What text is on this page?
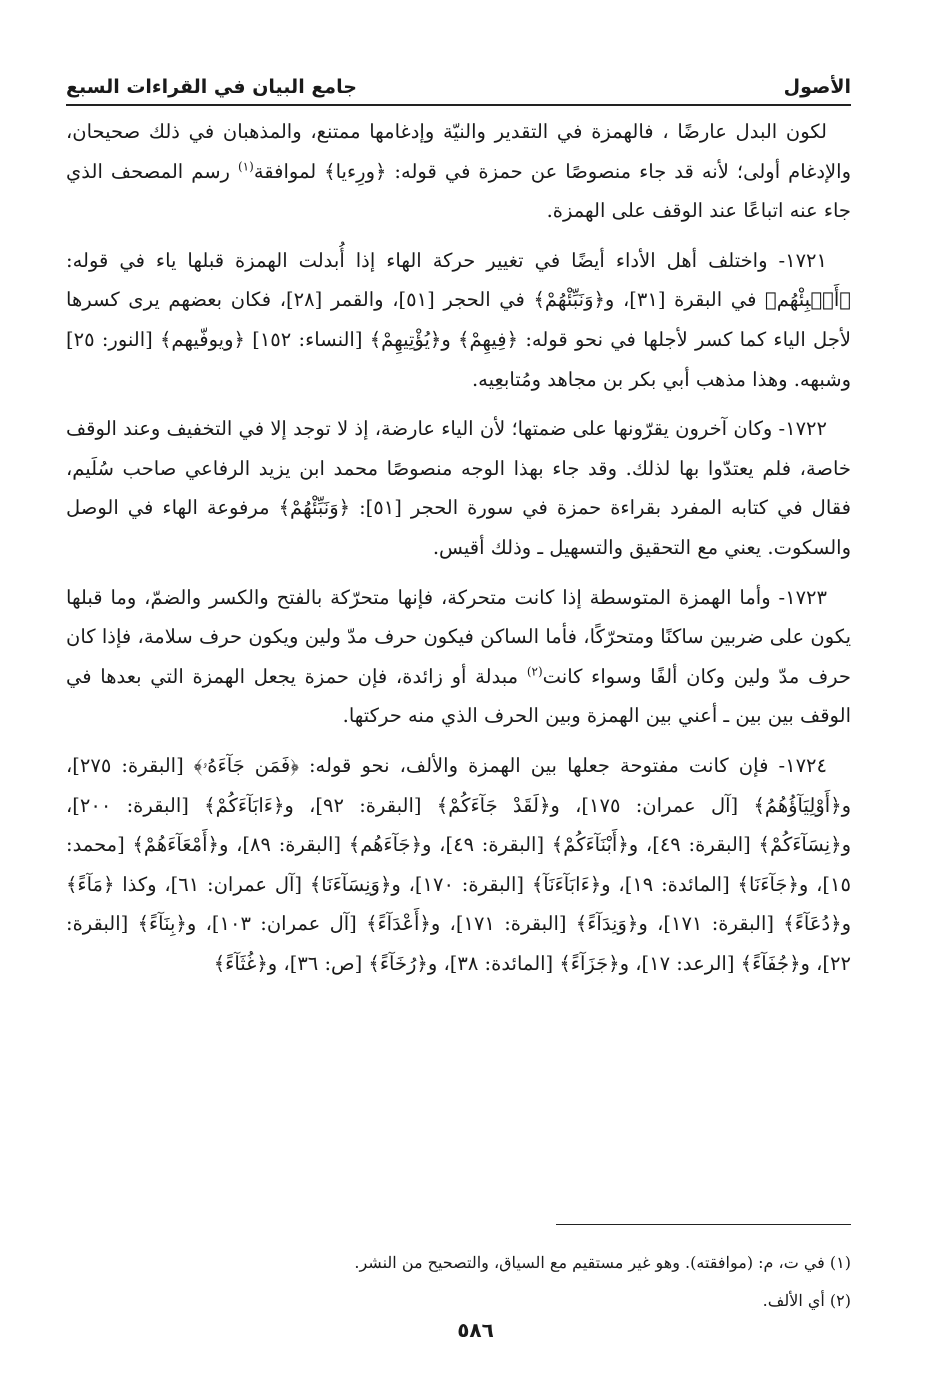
الأصول
جامع البيان في القراءات السبع

لكون البدل عارضًا ، فالهمزة في التقدير والنيّة وإدغامها ممتنع، والمذهبان في ذلك صحيحان، والإدغام أولى؛ لأنه قد جاء منصوصًا عن حمزة في قوله: ﴿ورِءيا﴾ لموافقة$^{(١)}$ رسم المصحف الذي جاء عنه اتباعًا عند الوقف على الهمزة.

١٧٢١- واختلف أهل الأداء أيضًا في تغيير حركة الهاء إذا أُبدلت الهمزة قبلها ياء في قوله: ﴿أَنۢبِئْهُم﴾ في البقرة [٣١]، و﴿وَنَبِّئْهُمْ﴾ في الحجر [٥١]، والقمر [٢٨]، فكان بعضهم يرى كسرها لأجل الياء كما كسر لأجلها في نحو قوله: ﴿فِيهِمْ﴾ و﴿يُؤْتِيهِمْ﴾ [النساء: ١٥٢] ﴿ويوفّيهم﴾ [النور: ٢٥] وشبهه. وهذا مذهب أبي بكر بن مجاهد ومُتابعِيه.

١٧٢٢- وكان آخرون يقرّونها على ضمتها؛ لأن الياء عارضة، إذ لا توجد إلا في التخفيف وعند الوقف خاصة، فلم يعتدّوا بها لذلك. وقد جاء بهذا الوجه منصوصًا محمد ابن يزيد الرفاعي صاحب سُلَيم، فقال في كتابه المفرد بقراءة حمزة في سورة الحجر [٥١]: ﴿وَنَبِّئْهُمْ﴾ مرفوعة الهاء في الوصل والسكوت. يعني مع التحقيق والتسهيل ـ وذلك أقيس.

١٧٢٣- وأما الهمزة المتوسطة إذا كانت متحركة، فإنها متحرّكة بالفتح والكسر والضمّ، وما قبلها يكون على ضربين ساكنًا ومتحرّكًا، فأما الساكن فيكون حرف مدّ ولين ويكون حرف سلامة، فإذا كان حرف مدّ ولين وكان ألفًا وسواء كانت$^{(٢)}$ مبدلة أو زائدة، فإن حمزة يجعل الهمزة التي بعدها في الوقف بين بين ـ أعني بين الهمزة وبين الحرف الذي منه حركتها.

١٧٢٤- فإن كانت مفتوحة جعلها بين الهمزة والألف، نحو قوله: ﴿فَمَن جَآءَهُۥ﴾ [البقرة: ٢٧٥]، و﴿أَوْلِيَآؤُهُمُ﴾ [آل عمران: ١٧٥]، و﴿لَقَدْ جَآءَكُمْ﴾ [البقرة: ٩٢]، و﴿ءَابَآءَكُمْ﴾ [البقرة: ٢٠٠]، و﴿نِسَآءَكُمْ﴾ [البقرة: ٤٩]، و﴿أَبْنَآءَكُمْ﴾ [البقرة: ٤٩]، و﴿جَآءَهُم﴾ [البقرة: ٨٩]، و﴿أَمْعَآءَهُمْ﴾ [محمد: ١٥]، و﴿جَآءَنَا﴾ [المائدة: ١٩]، و﴿ءَابَآءَنَآ﴾ [البقرة: ١٧٠]، و﴿وَنِسَآءَنَا﴾ [آل عمران: ٦١]، وكذا ﴿مَآءً﴾ و﴿دُعَآءً﴾ [البقرة: ١٧١]، و﴿وَنِدَآءً﴾ [البقرة: ١٧١]، و﴿أَعْدَآءً﴾ [آل عمران: ١٠٣]، و﴿بِنَآءً﴾ [البقرة: ٢٢]، و﴿جُفَآءً﴾ [الرعد: ١٧]، و﴿جَزَآءً﴾ [المائدة: ٣٨]، و﴿رُخَآءً﴾ [ص: ٣٦]، و﴿غُثَآءً﴾

(١) في ت، م: (موافقته). وهو غير مستقيم مع السياق، والتصحيح من النشر.

(٢) أي الألف.

٥٨٦
